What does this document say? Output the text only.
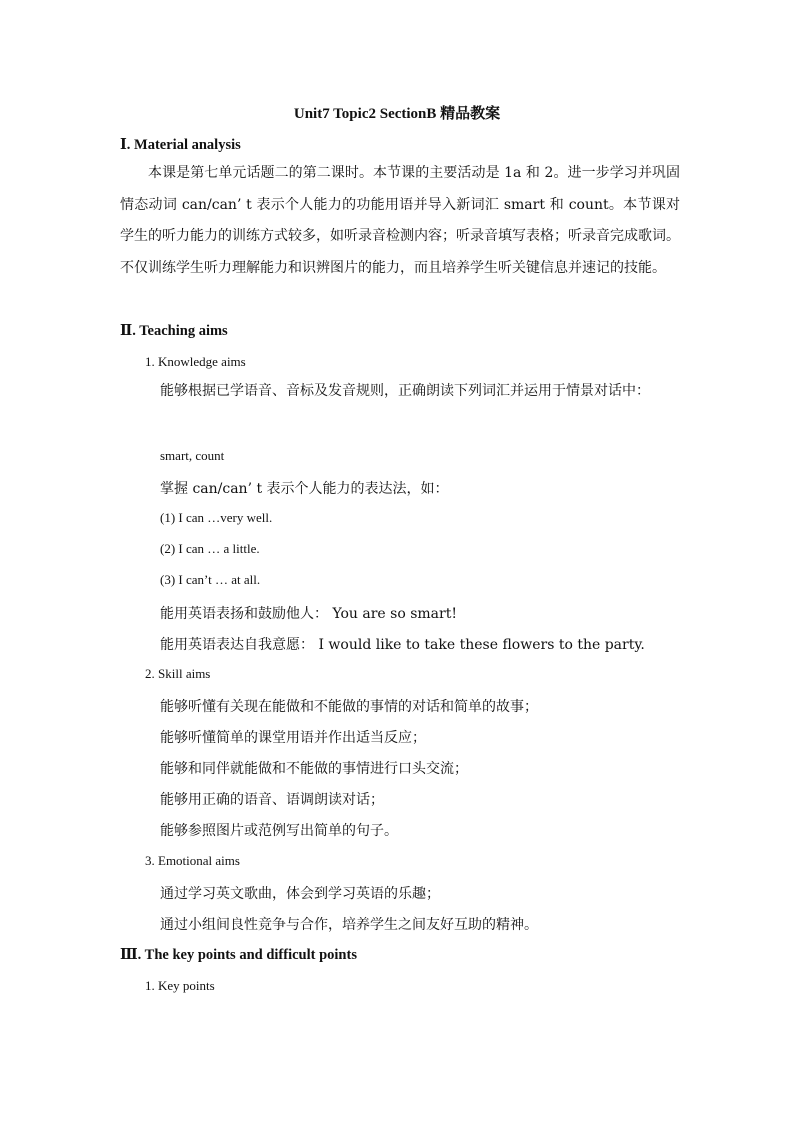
Unit7 Topic2 SectionB 精品教案
Ⅰ. Material analysis
本课是第七单元话题二的第二课时。本节课的主要活动是 1a 和 2。进一步学习并巩固情态动词 can/can’ t 表示个人能力的功能用语并导入新词汇 smart 和 count。本节课对学生的听力能力的训练方式较多，如听录音检测内容；听录音填写表格；听录音完成歌词。不仅训练学生听力理解能力和识辨图片的能力，而且培养学生听关键信息并速记的技能。
Ⅱ. Teaching aims
1. Knowledge aims
能够根据已学语音、音标及发音规则，正确朗读下列词汇并运用于情景对话中：
smart, count
掌握 can/can’ t 表示个人能力的表达法，如：
(1) I can …very well.
(2) I can … a little.
(3) I can’t … at all.
能用英语表扬和鼓励他人： You are so smart!
能用英语表达自我意愿： I would like to take these flowers to the party.
2. Skill aims
能够听懂有关现在能做和不能做的事情的对话和简单的故事；
能够听懂简单的课堂用语并作出适当反应；
能够和同伴就能做和不能做的事情进行口头交流；
能够用正确的语音、语调朗读对话；
能够参照图片或范例写出简单的句子。
3. Emotional aims
通过学习英文歌曲，体会到学习英语的乐趣；
通过小组间良性竞争与合作，培养学生之间友好互助的精神。
Ⅲ. The key points and difficult points
1. Key points
